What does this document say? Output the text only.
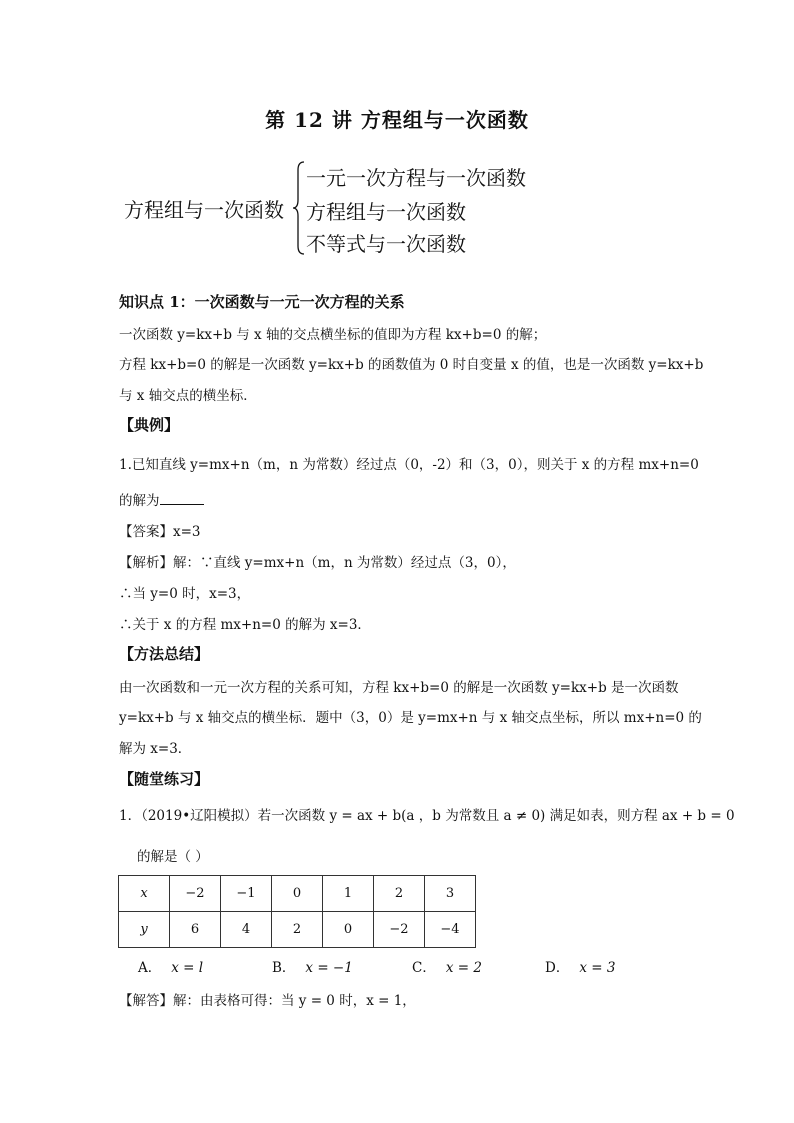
第 12 讲 方程组与一次函数
方程组与一次函数
一元一次方程与一次函数
方程组与一次函数
不等式与一次函数
知识点 1：一次函数与一元一次方程的关系
一次函数 y=kx+b 与 x 轴的交点横坐标的值即为方程 kx+b=0 的解；
方程 kx+b=0 的解是一次函数 y=kx+b 的函数值为 0 时自变量 x 的值，也是一次函数 y=kx+b
与 x 轴交点的横坐标．
【典例】
1.已知直线 y=mx+n（m，n 为常数）经过点（0，-2）和（3，0），则关于 x 的方程 mx+n=0
的解为
【答案】x=3
【解析】解：∵直线 y=mx+n（m，n 为常数）经过点（3，0），
∴当 y=0 时，x=3，
∴关于 x 的方程 mx+n=0 的解为 x=3．
【方法总结】
由一次函数和一元一次方程的关系可知，方程 kx+b=0 的解是一次函数 y=kx+b 是一次函数
y=kx+b 与 x 轴交点的横坐标．题中（3，0）是 y=mx+n 与 x 轴交点坐标，所以 mx+n=0 的
解为 x=3．
【随堂练习】
1．（2019•辽阳模拟）若一次函数 y = ax + b(a ，b 为常数且 a ≠ 0) 满足如表，则方程 ax + b = 0
的解是（ ）
x	−2	−1	0	1	2	3
y	6	4	2	0	−2	−4
A． x = l	B． x = −1	C． x = 2	D． x = 3
【解答】解：由表格可得：当 y = 0 时，x = 1，
